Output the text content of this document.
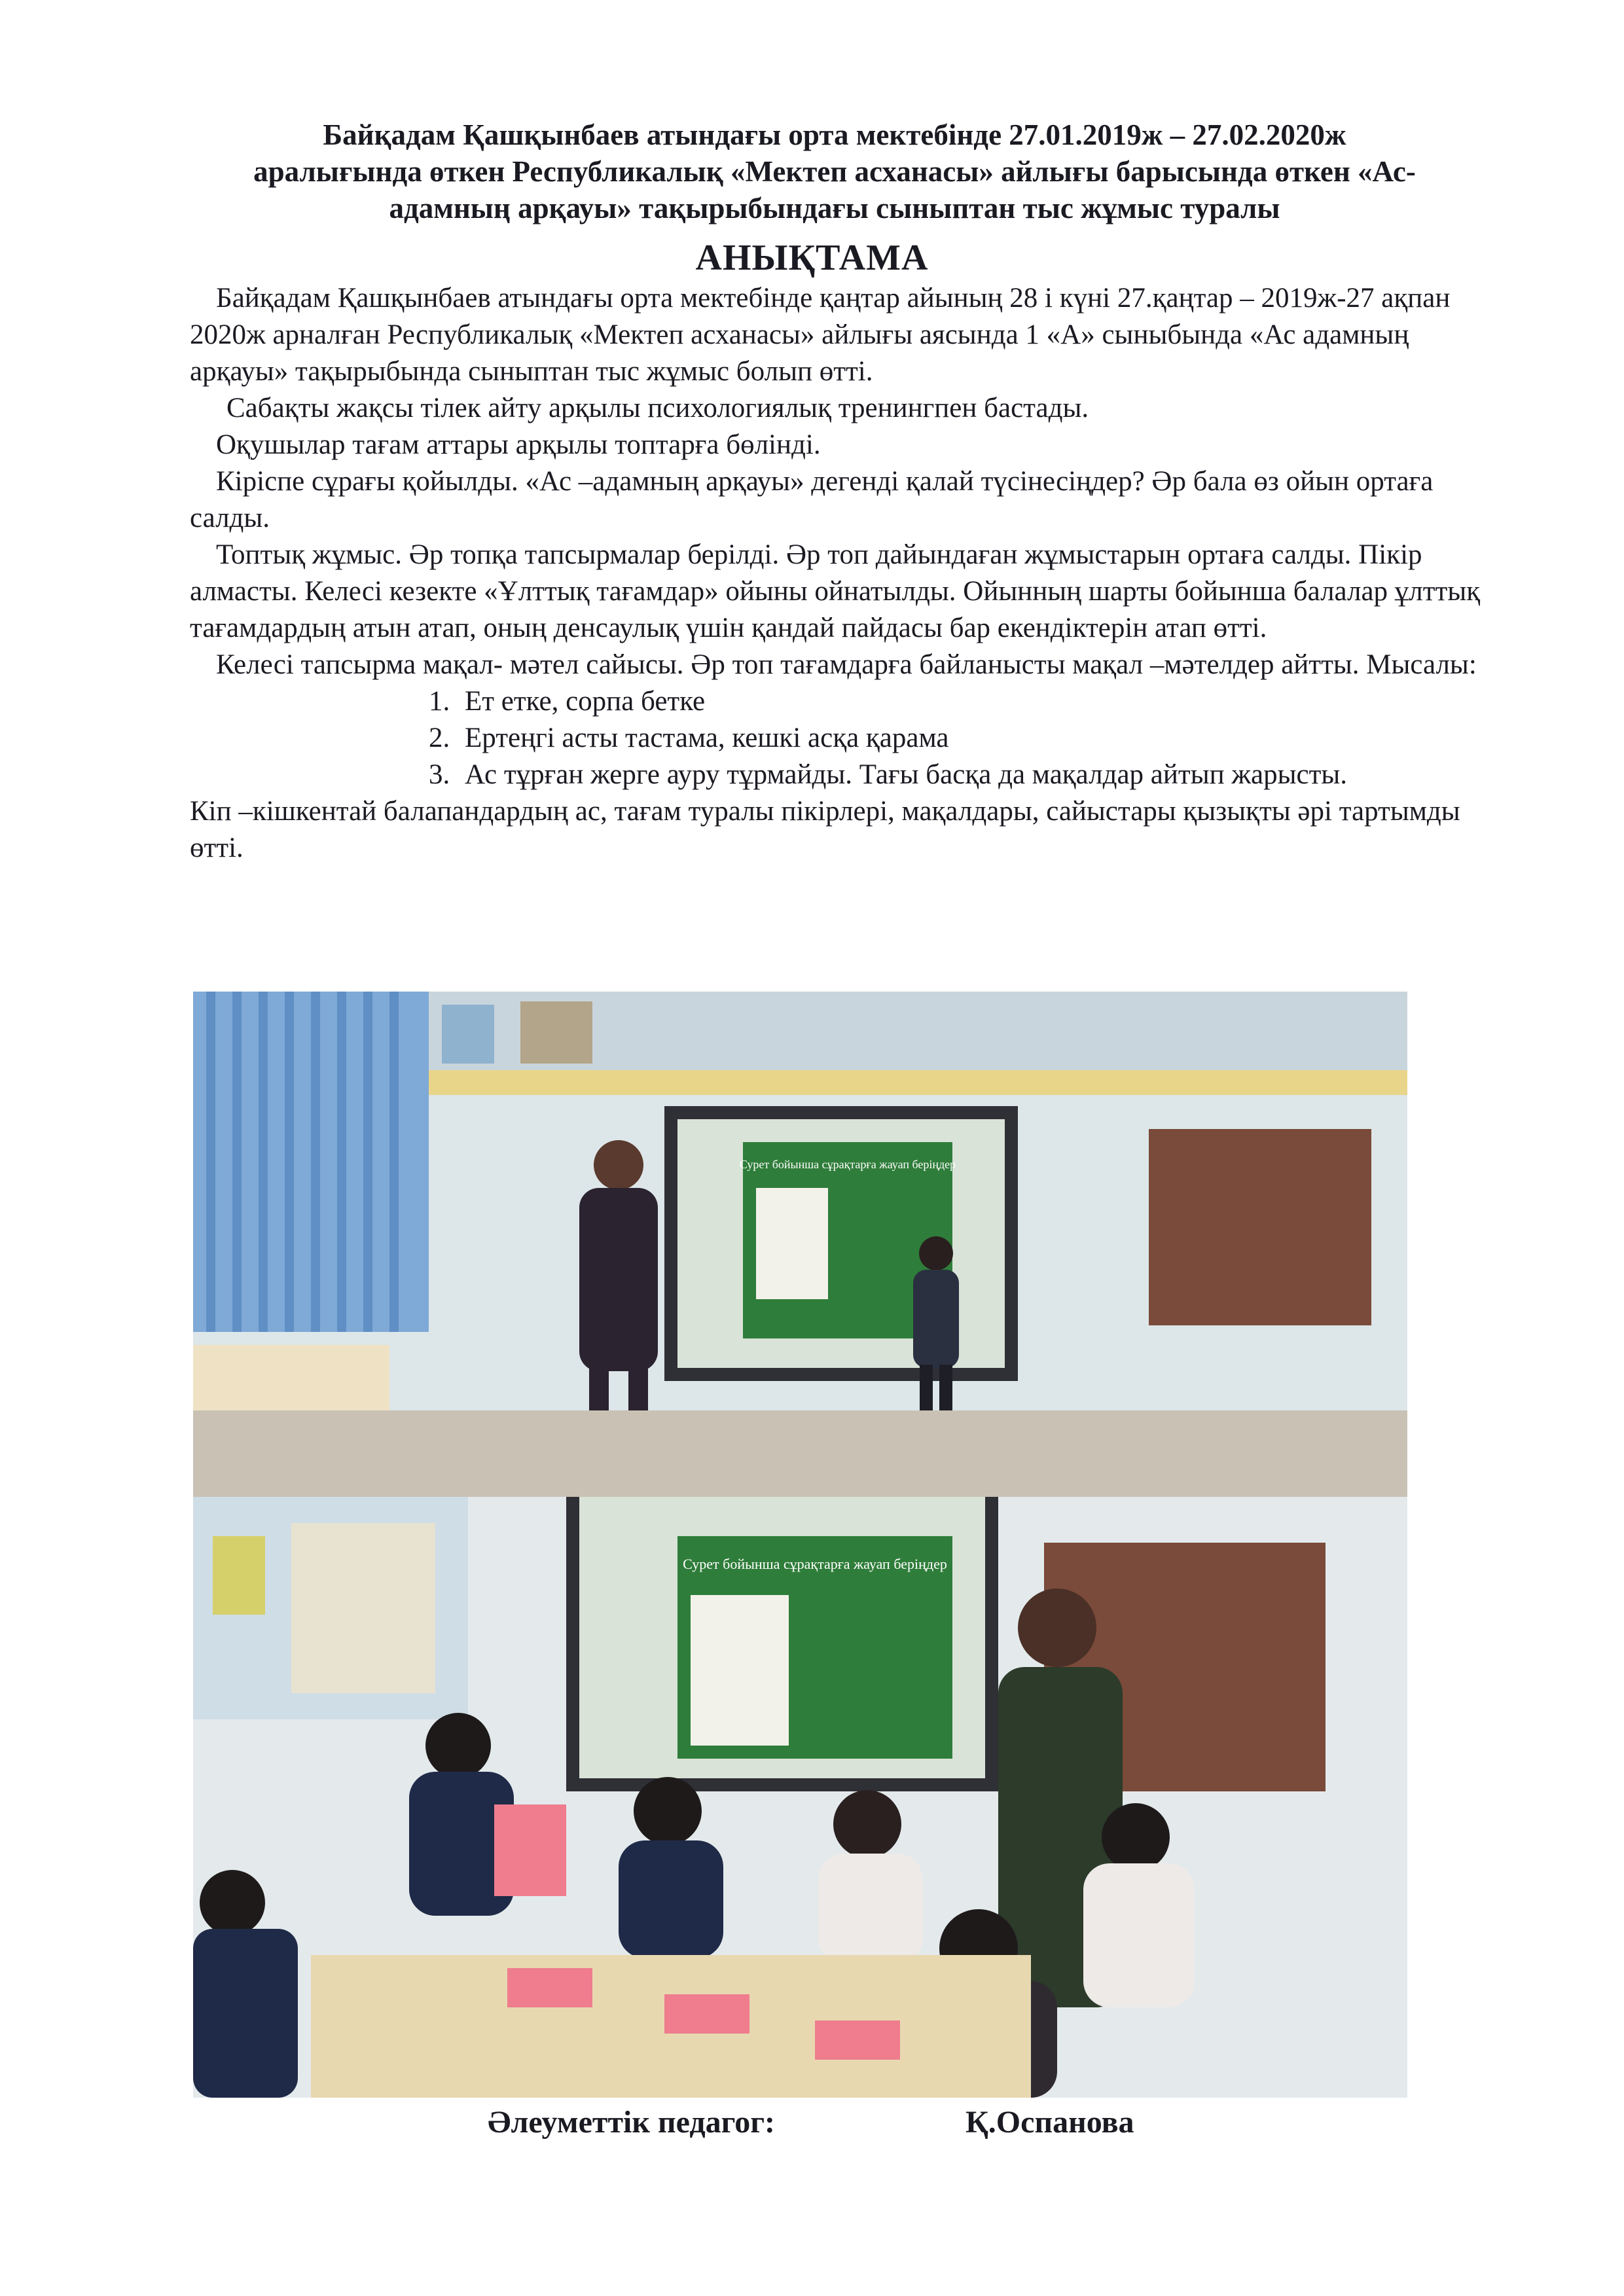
Байқадам Қашқынбаев атындағы орта мектебінде 27.01.2019ж – 27.02.2020ж
аралығында өткен Республикалық «Мектеп асханасы» айлығы барысында өткен «Ас-
адамның арқауы» тақырыбындағы сыныптан тыс жұмыс туралы
АНЫҚТАМА

Байқадам Қашқынбаев атындағы орта мектебінде қаңтар айының 28 і күні 27.қаңтар – 2019ж-27 ақпан 2020ж арналған Республикалық «Мектеп асханасы» айлығы аясында 1 «А» сыныбында «Ас адамның арқауы» тақырыбында сыныптан тыс жұмыс болып өтті.

Сабақты жақсы тілек айту арқылы психологиялық тренингпен бастады.

Оқушылар тағам аттары арқылы топтарға бөлінді.

Кіріспе сұрағы қойылды. «Ас –адамның арқауы» дегенді қалай түсінесіңдер? Әр бала өз ойын ортаға салды.

Топтық жұмыс. Әр топқа тапсырмалар берілді. Әр топ дайындаған жұмыстарын ортаға салды. Пікір алмасты. Келесі кезекте «Ұлттық тағамдар» ойыны ойнатылды. Ойынның шарты бойынша балалар ұлттық тағамдардың атын атап, оның денсаулық үшін қандай пайдасы бар екендіктерін атап өтті.

Келесі тапсырма мақал- мәтел сайысы. Әр топ тағамдарға байланысты мақал –мәтелдер айтты. Мысалы:

1. Ет етке, сорпа бетке
2. Ертеңгі асты тастама, кешкі асқа қарама
3. Ас тұрған жерге ауру тұрмайды. Тағы басқа да мақалдар айтып жарысты.

Кіп –кішкентай балапандардың ас, тағам туралы пікірлері, мақалдары, сайыстары қызықты әрі тартымды өтті.

Сурет бойынша сұрақтарға жауап беріңдер
Сурет бойынша сұрақтарға жауап беріңдер
Әлеуметтік педагог:	Қ.Оспанова
